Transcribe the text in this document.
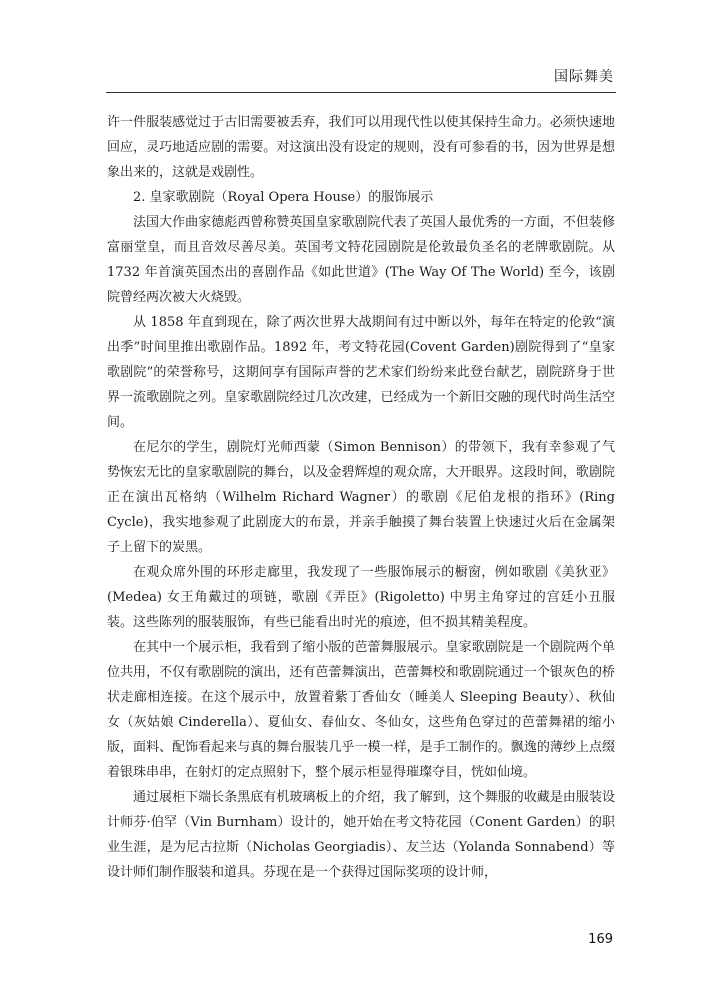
国际舞美

许一件服装感觉过于古旧需要被丢弃，我们可以用现代性以使其保持生命力。必须快速地回应，灵巧地适应剧的需要。对这演出没有设定的规则，没有可参看的书，因为世界是想象出来的，这就是戏剧性。

2. 皇家歌剧院（Royal Opera House）的服饰展示

法国大作曲家德彪西曾称赞英国皇家歌剧院代表了英国人最优秀的一方面，不但装修富丽堂皇，而且音效尽善尽美。英国考文特花园剧院是伦敦最负圣名的老牌歌剧院。从 1732 年首演英国杰出的喜剧作品《如此世道》(The Way Of The World) 至今，该剧院曾经两次被大火烧毁。

从 1858 年直到现在，除了两次世界大战期间有过中断以外，每年在特定的伦敦“演出季”时间里推出歌剧作品。1892 年，考文特花园(Covent Garden)剧院得到了“皇家歌剧院”的荣誉称号，这期间享有国际声誉的艺术家们纷纷来此登台献艺，剧院跻身于世界一流歌剧院之列。皇家歌剧院经过几次改建，已经成为一个新旧交融的现代时尚生活空间。

在尼尔的学生，剧院灯光师西蒙（Simon Bennison）的带领下，我有幸参观了气势恢宏无比的皇家歌剧院的舞台，以及金碧辉煌的观众席，大开眼界。这段时间，歌剧院正在演出瓦格纳（Wilhelm Richard Wagner）的歌剧《尼伯龙根的指环》(Ring Cycle)，我实地参观了此剧庞大的布景，并亲手触摸了舞台装置上快速过火后在金属架子上留下的炭黑。

在观众席外围的环形走廊里，我发现了一些服饰展示的橱窗，例如歌剧《美狄亚》(Medea) 女王角戴过的项链，歌剧《弄臣》(Rigoletto) 中男主角穿过的宫廷小丑服装。这些陈列的服装服饰，有些已能看出时光的痕迹，但不损其精美程度。

在其中一个展示柜，我看到了缩小版的芭蕾舞服展示。皇家歌剧院是一个剧院两个单位共用，不仅有歌剧院的演出，还有芭蕾舞演出，芭蕾舞校和歌剧院通过一个银灰色的桥状走廊相连接。在这个展示中，放置着紫丁香仙女（睡美人 Sleeping Beauty）、秋仙女（灰姑娘 Cinderella）、夏仙女、春仙女、冬仙女，这些角色穿过的芭蕾舞裙的缩小版，面料、配饰看起来与真的舞台服装几乎一模一样，是手工制作的。飘逸的薄纱上点缀着银珠串串，在射灯的定点照射下，整个展示柜显得璀璨夺目，恍如仙境。

通过展柜下端长条黑底有机玻璃板上的介绍，我了解到，这个舞服的收藏是由服装设计师芬·伯罕（Vin Burnham）设计的，她开始在考文特花园（Conent Garden）的职业生涯，是为尼古拉斯（Nicholas Georgiadis）、友兰达（Yolanda Sonnabend）等设计师们制作服装和道具。芬现在是一个获得过国际奖项的设计师，

169
